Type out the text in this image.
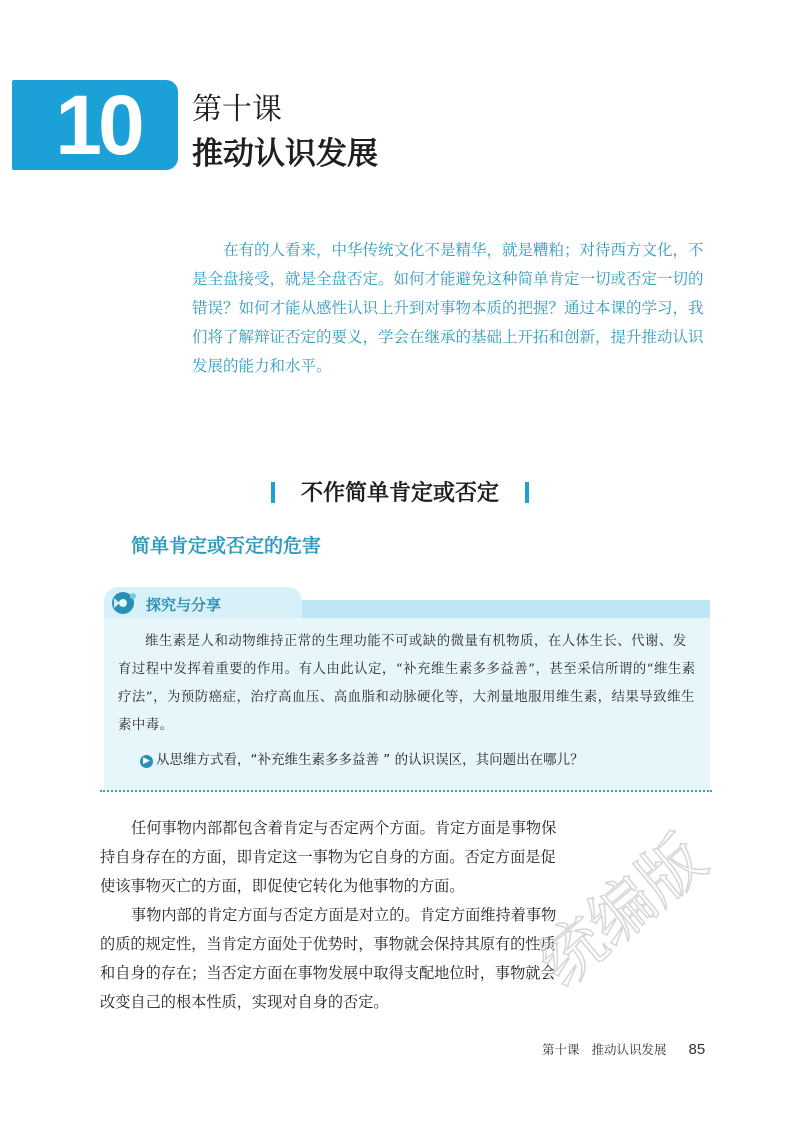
10	第十课
推动认识发展
在有的人看来，中华传统文化不是精华，就是糟粕；对待西方文化，不是全盘接受，就是全盘否定。如何才能避免这种简单肯定一切或否定一切的错误？如何才能从感性认识上升到对事物本质的把握？通过本课的学习，我们将了解辩证否定的要义，学会在继承的基础上开拓和创新，提升推动认识发展的能力和水平。
不作简单肯定或否定
简单肯定或否定的危害
探究与分享
维生素是人和动物维持正常的生理功能不可或缺的微量有机物质，在人体生长、代谢、发育过程中发挥着重要的作用。有人由此认定，“补充维生素多多益善”，甚至采信所谓的“维生素疗法”，为预防癌症，治疗高血压、高血脂和动脉硬化等，大剂量地服用维生素，结果导致维生素中毒。
▶ 从思维方式看，“补充维生素多多益善 ” 的认识误区，其问题出在哪儿？

任何事物内部都包含着肯定与否定两个方面。肯定方面是事物保持自身存在的方面，即肯定这一事物为它自身的方面。否定方面是促使该事物灭亡的方面，即促使它转化为他事物的方面。

事物内部的肯定方面与否定方面是对立的。肯定方面维持着事物的质的规定性，当肯定方面处于优势时，事物就会保持其原有的性质和自身的存在；当否定方面在事物发展中取得支配地位时，事物就会改变自己的根本性质，实现对自身的否定。

统编版
第十课 推动认识发展 85
